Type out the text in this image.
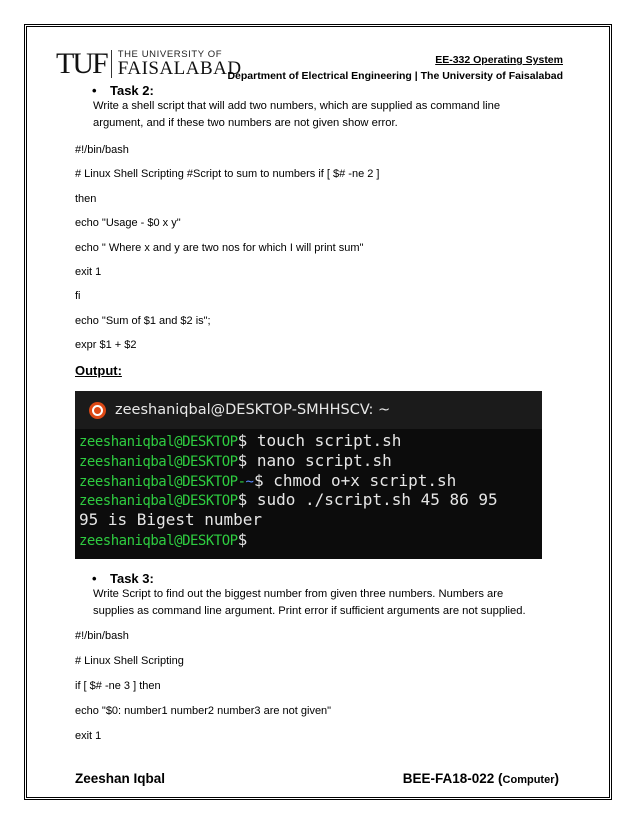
TUF THE UNIVERSITY OF
FAISALABAD	EE-332 Operating System
Department of Electrical Engineering | The University of Faisalabad
• Task 2:
Write a shell script that will add two numbers, which are supplied as command line
argument, and if these two numbers are not given show error.
#!/bin/bash
# Linux Shell Scripting #Script to sum to numbers if [ $# -ne 2 ]
then
echo "Usage - $0 x y"
echo " Where x and y are two nos for which I will print sum"
exit 1
fi
echo "Sum of $1 and $2 is";
expr $1 + $2
Output:
zeeshaniqbal@DESKTOP-SMHHSCV: ~
zeeshaniqbal@DESKTOP$ touch script.sh
zeeshaniqbal@DESKTOP$ nano script.sh
zeeshaniqbal@DESKTOP-~$ chmod o+x script.sh
zeeshaniqbal@DESKTOP$ sudo ./script.sh 45 86 95
95 is Bigest number
zeeshaniqbal@DESKTOP$
• Task 3:
Write Script to find out the biggest number from given three numbers. Numbers are
supplies as command line argument. Print error if sufficient arguments are not supplied.
#!/bin/bash
# Linux Shell Scripting
if [ $# -ne 3 ] then
echo "$0: number1 number2 number3 are not given"
exit 1
Zeeshan Iqbal	BEE-FA18-022 (Computer)
